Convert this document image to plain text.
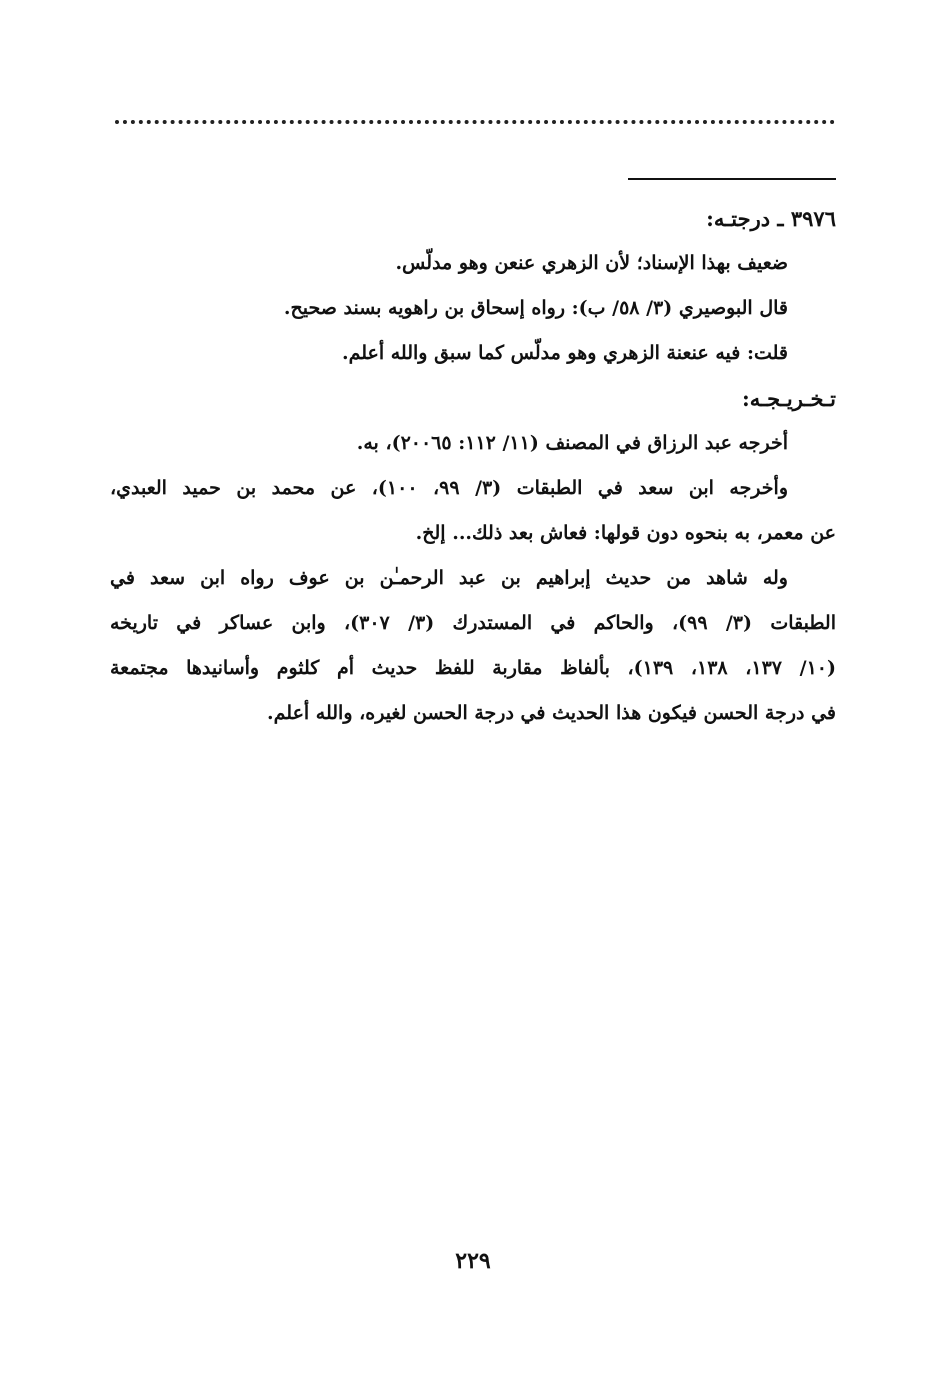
٣٩٧٦ ـ درجتـه:
ضعيف بهذا الإسناد؛ لأن الزهري عنعن وهو مدلّس.
قال البوصيري (٣/ ٥٨/ ب): رواه إسحاق بن راهويه بسند صحيح.
قلت: فيه عنعنة الزهري وهو مدلّس كما سبق والله أعلم.
تـخـريـجـه:
أخرجه عبد الرزاق في المصنف (١١/ ١١٢: ٢٠٠٦٥)، به.
وأخرجه ابن سعد في الطبقات (٣/ ٩٩، ١٠٠)، عن محمد بن حميد العبدي،
عن معمر، به بنحوه دون قولها: فعاش بعد ذلك... إلخ.
وله شاهد من حديث إبراهيم بن عبد الرحمـٰن بن عوف رواه ابن سعد في
الطبقات (٣/ ٩٩)، والحاكم في المستدرك (٣/ ٣٠٧)، وابن عساكر في تاريخه
(١٠/ ١٣٧، ١٣٨، ١٣٩)، بألفاظ مقاربة للفظ حديث أم كلثوم وأسانيدها مجتمعة
في درجة الحسن فيكون هذا الحديث في درجة الحسن لغيره، والله أعلم.
٢٢٩
